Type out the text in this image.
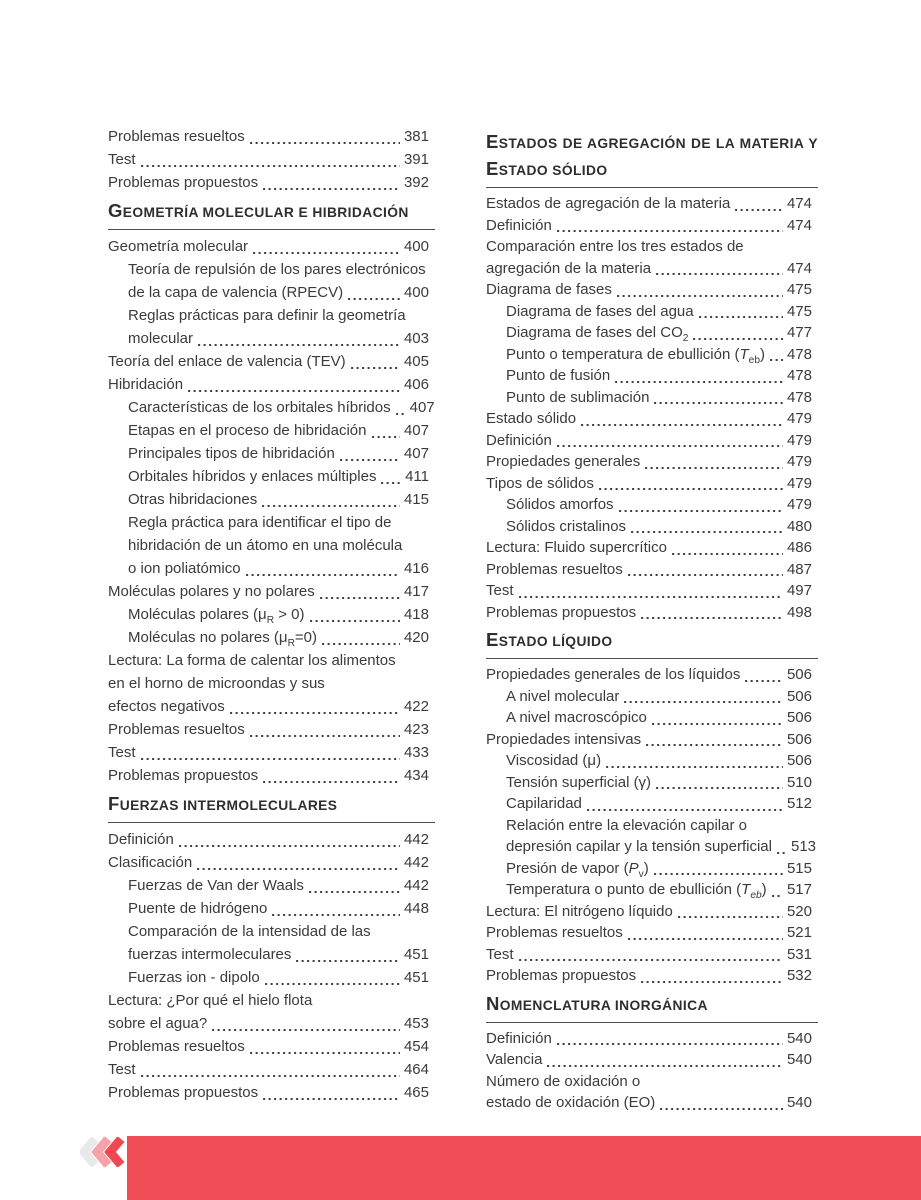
Problemas resueltos	381
Test	391
Problemas propuestos	392
GEOMETRÍA MOLECULAR E HIBRIDACIÓN
Geometría molecular	400
Teoría de repulsión de los pares electrónicos
de la capa de valencia (RPECV)	400
Reglas prácticas para definir la geometría
molecular	403
Teoría del enlace de valencia (TEV)	405
Hibridación	406
Características de los orbitales híbridos 407
Etapas en el proceso de hibridación 407
Principales tipos de hibridación	407
Orbitales híbridos y enlaces múltiples 411
Otras hibridaciones	415
Regla práctica para identificar el tipo de
hibridación de un átomo en una molécula
o ion poliatómico	416
Moléculas polares y no polares	417
Moléculas polares $(\mu_R > 0)$	418
Moléculas no polares $(\mu_R=0)$	420
Lectura: La forma de calentar los alimentos
en el horno de microondas y sus
efectos negativos	422
Problemas resueltos	423
Test	433
Problemas propuestos	434
FUERZAS INTERMOLECULARES
Definición	442
Clasificación	442
Fuerzas de Van der Waals	442
Puente de hidrógeno	448
Comparación de la intensidad de las
fuerzas intermoleculares	451
Fuerzas ion - dipolo	451
Lectura: ¿Por qué el hielo flota
sobre el agua?	453
Problemas resueltos	454
Test	464
Problemas propuestos	465
ESTADOS DE AGREGACIÓN DE LA MATERIA Y ESTADO SÓLIDO
Estados de agregación de la materia	474
Definición	474
Comparación entre los tres estados de
agregación de la materia	474
Diagrama de fases	475
Diagrama de fases del agua	475
Diagrama de fases del $CO_2$	477
Punto o temperatura de ebullición $(T_{eb})$ 478
Punto de fusión	478
Punto de sublimación	478
Estado sólido	479
Definición	479
Propiedades generales	479
Tipos de sólidos	479
Sólidos amorfos	479
Sólidos cristalinos	480
Lectura: Fluido supercrítico	486
Problemas resueltos	487
Test	497
Problemas propuestos	498
ESTADO LÍQUIDO
Propiedades generales de los líquidos	506
A nivel molecular	506
A nivel macroscópico	506
Propiedades intensivas	506
Viscosidad (μ)	506
Tensión superficial (γ)	510
Capilaridad	512
Relación entre la elevación capilar o
depresión capilar y la tensión superficial 513
Presión de vapor $(P_v)$	515
Temperatura o punto de ebullición $(T_{eb})$ 517
Lectura: El nitrógeno líquido	520
Problemas resueltos	521
Test	531
Problemas propuestos	532
NOMENCLATURA INORGÁNICA
Definición	540
Valencia	540
Número de oxidación o
estado de oxidación (EO)	540
